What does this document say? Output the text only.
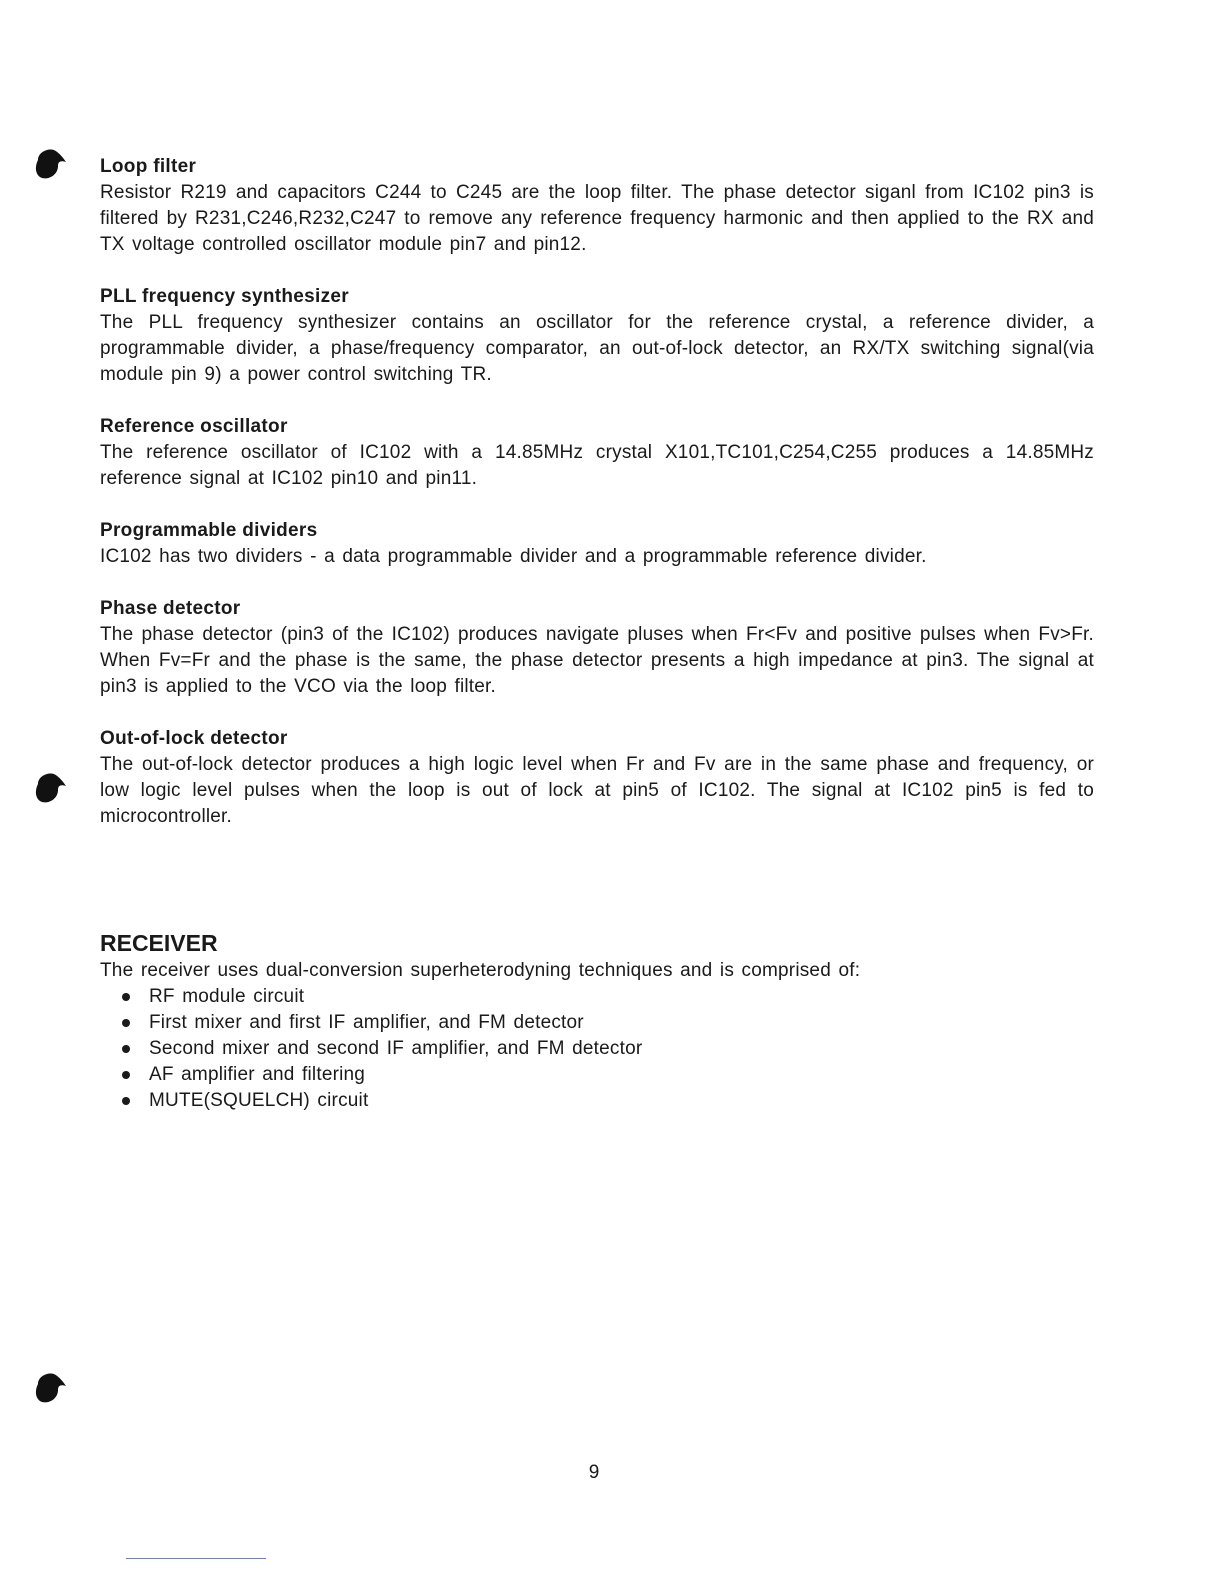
Loop filter

Resistor R219 and capacitors C244 to C245 are the loop filter. The phase detector siganl from IC102 pin3 is filtered by R231,C246,R232,C247 to remove any reference frequency harmonic and then applied to the RX and TX voltage controlled oscillator module pin7 and pin12.

PLL frequency synthesizer

The PLL frequency synthesizer contains an oscillator for the reference crystal, a reference divider, a programmable divider, a phase/frequency comparator, an out-of-lock detector, an RX/TX switching signal(via module pin 9) a power control switching TR.

Reference oscillator

The reference oscillator of IC102 with a 14.85MHz crystal X101,TC101,C254,C255 produces a 14.85MHz reference signal at IC102 pin10 and pin11.

Programmable dividers

IC102 has two dividers - a data programmable divider and a programmable reference divider.

Phase detector

The phase detector (pin3 of the IC102) produces navigate pluses when Fr<Fv and positive pulses when Fv>Fr. When Fv=Fr and the phase is the same, the phase detector presents a high impedance at pin3. The signal at pin3 is applied to the VCO via the loop filter.

Out-of-lock detector

The out-of-lock detector produces a high logic level when Fr and Fv are in the same phase and frequency, or low logic level pulses when the loop is out of lock at pin5 of IC102. The signal at IC102 pin5 is fed to microcontroller.

RECEIVER

The receiver uses dual-conversion superheterodyning techniques and is comprised of:

RF module circuit
First mixer and first IF amplifier, and FM detector
Second mixer and second IF amplifier, and FM detector
AF amplifier and filtering
MUTE(SQUELCH) circuit
9
